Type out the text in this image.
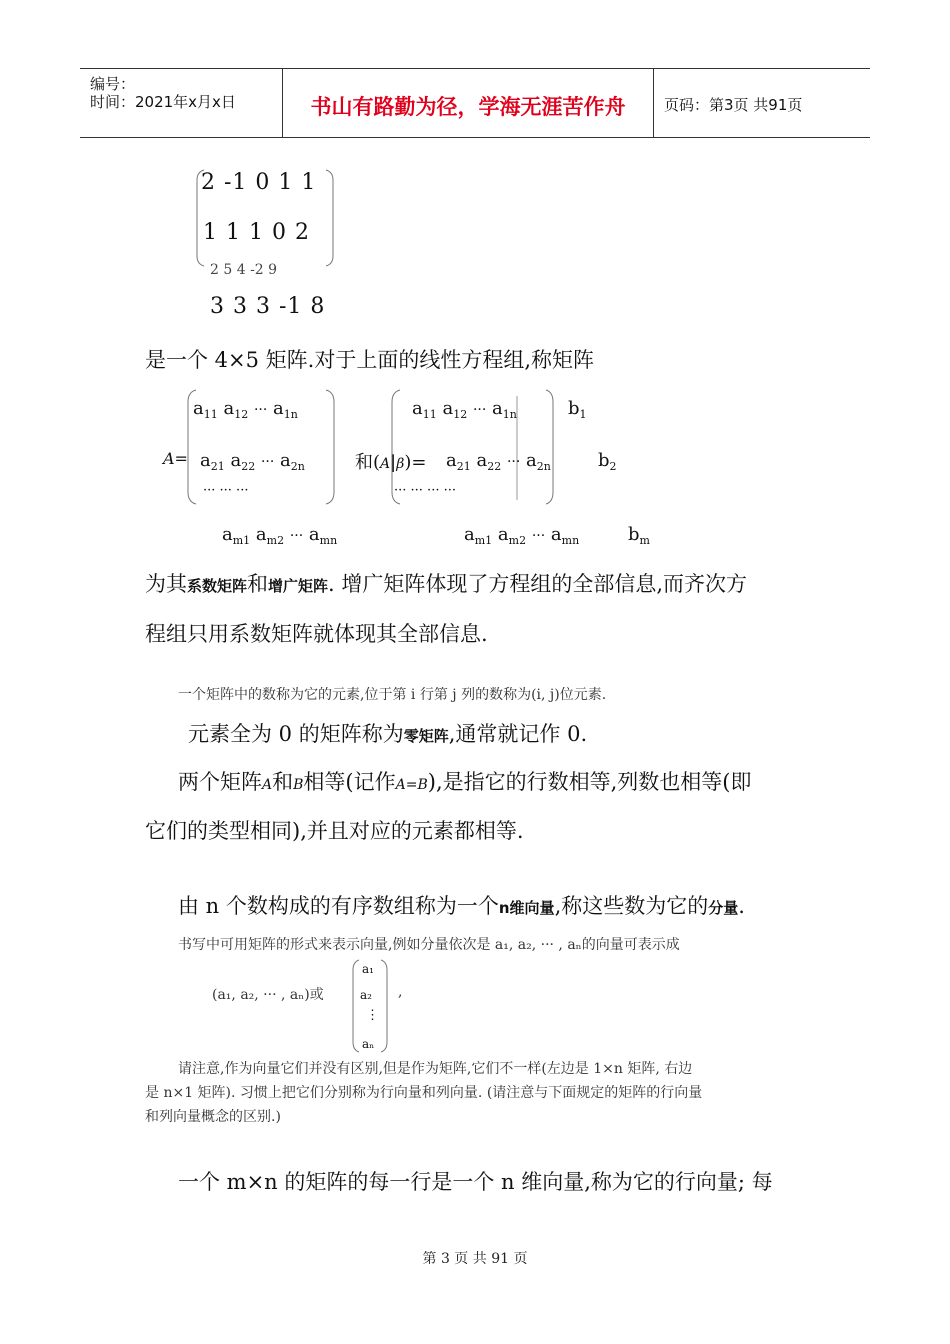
编号：
时间：2021年x月x日	书山有路勤为径，学海无涯苦作舟	页码：第3页 共91页
2 -1 0 1 1
1 1 1 0 2
2 5 4 -2 9
3 3 3 -1 8
是一个 4×5 矩阵.对于上面的线性方程组,称矩阵
$a_{11}$ $a_{12}$ ··· $a_{1n}$
$A= a_{21}$ $a_{22}$ ··· $a_{2n}$
··· ··· ···
$a_{m1}$ $a_{m2}$ ··· $a_{mn}$
和(A|β)=
$a_{11}$ $a_{12}$ ··· $a_{1n}$	$b_1$
$a_{21}$ $a_{22}$ ··· $a_{2n}$	$b_2$
··· ··· ··· ···
$a_{m1}$ $a_{m2}$ ··· $a_{mn}$	$b_m$
为其系数矩阵和增广矩阵. 增广矩阵体现了方程组的全部信息,而齐次方
程组只用系数矩阵就体现其全部信息.
一个矩阵中的数称为它的元素,位于第 i 行第 j 列的数称为(i, j)位元素.
元素全为 0 的矩阵称为零矩阵,通常就记作 0.
两个矩阵A和B相等(记作A=B),是指它的行数相等,列数也相等(即
它们的类型相同),并且对应的元素都相等.
由 n 个数构成的有序数组称为一个n维向量,称这些数为它的分量.
书写中可用矩阵的形式来表示向量,例如分量依次是 a₁, a₂, ··· , aₙ的向量可表示成
(a₁, a₂, ··· , aₙ)或
a₁
a₂
⋮
aₙ
,
请注意,作为向量它们并没有区别,但是作为矩阵,它们不一样(左边是 1×n 矩阵, 右边
是 n×1 矩阵). 习惯上把它们分别称为行向量和列向量. (请注意与下面规定的矩阵的行向量
和列向量概念的区别.)
一个 m×n 的矩阵的每一行是一个 n 维向量,称为它的行向量; 每
第 3 页 共 91 页
